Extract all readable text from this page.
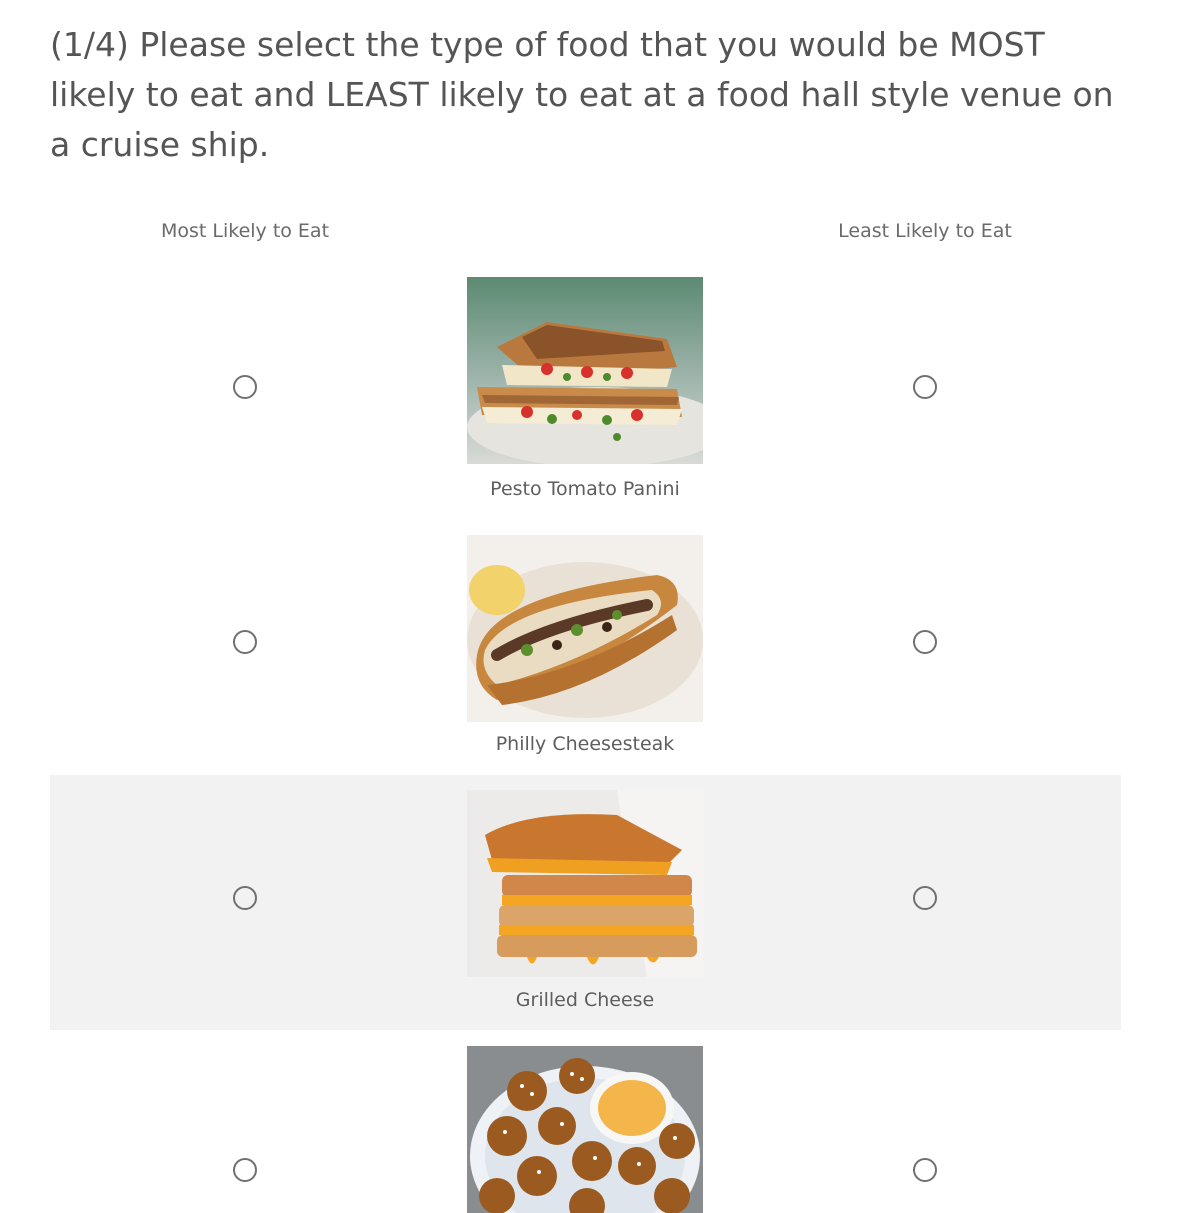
(1/4) Please select the type of food that you would be MOST likely to eat and LEAST likely to eat at a food hall style venue on a cruise ship.
Most Likely to Eat	Least Likely to Eat
Pesto Tomato Panini
Philly Cheesesteak
Grilled Cheese
